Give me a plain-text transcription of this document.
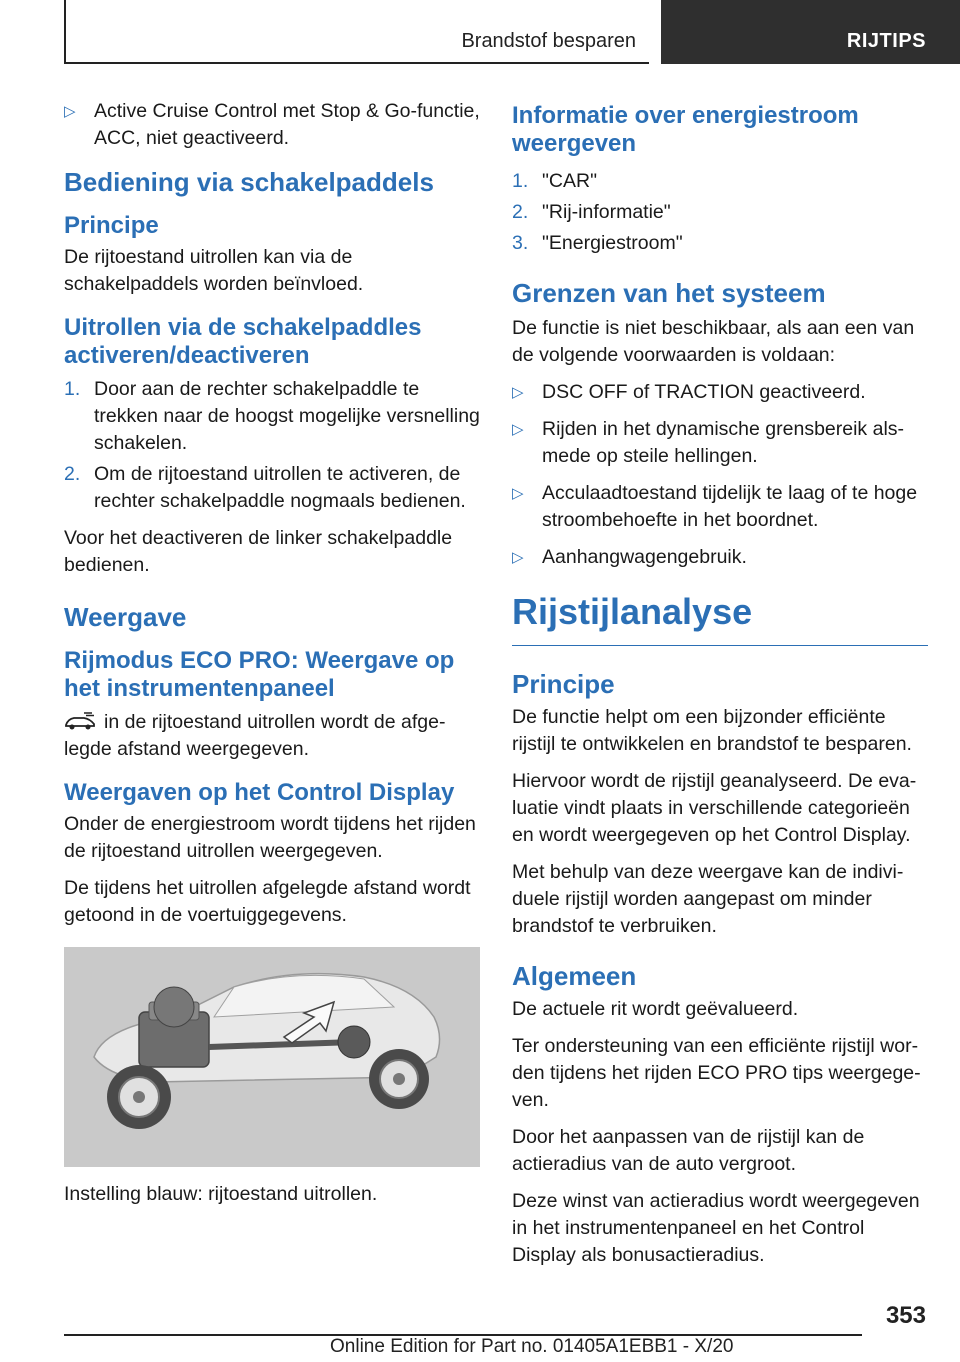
Brandstof besparen	RIJTIPS
▷ Active Cruise Control met Stop & Go-functie, ACC, niet geactiveerd.
Bediening via schakelpaddels
Principe

De rijtoestand uitrollen kan via de schakelpaddels worden beïnvloed.

Uitrollen via de schakelpaddles activeren/deactiveren
1. Door aan de rechter schakelpaddle te trekken naar de hoogst mogelijke versnelling schakelen.
2. Om de rijtoestand uitrollen te activeren, de rechter schakelpaddle nogmaals bedienen.

Voor het deactiveren de linker schakelpaddle bedienen.

Weergave
Rijmodus ECO PRO: Weergave op het instrumentenpaneel

in de rijtoestand uitrollen wordt de afgelegde afstand weergegeven.

Weergaven op het Control Display

Onder de energiestroom wordt tijdens het rijden de rijtoestand uitrollen weergegeven.

De tijdens het uitrollen afgelegde afstand wordt getoond in de voertuiggegevens.

Instelling blauw: rijtoestand uitrollen.

Informatie over energiestroom weergeven
1. "CAR"
2. "Rij-informatie"
3. "Energiestroom"
Grenzen van het systeem

De functie is niet beschikbaar, als aan een van de volgende voorwaarden is voldaan:

▷ DSC OFF of TRACTION geactiveerd.
▷ Rijden in het dynamische grensbereik alsmede op steile hellingen.
▷ Acculaadtoestand tijdelijk te laag of te hoge stroombehoefte in het boordnet.
▷ Aanhangwagengebruik.
Rijstijlanalyse
Principe

De functie helpt om een bijzonder efficiënte rijstijl te ontwikkelen en brandstof te besparen.

Hiervoor wordt de rijstijl geanalyseerd. De evaluatie vindt plaats in verschillende categorieën en wordt weergegeven op het Control Display.

Met behulp van deze weergave kan de individuele rijstijl worden aangepast om minder brandstof te verbruiken.

Algemeen

De actuele rit wordt geëvalueerd.

Ter ondersteuning van een efficiënte rijstijl worden tijdens het rijden ECO PRO tips weergegeven.

Door het aanpassen van de rijstijl kan de actieradius van de auto vergroot.

Deze winst van actieradius wordt weergegeven in het instrumentenpaneel en het Control Display als bonusactieradius.

353
Online Edition for Part no. 01405A1EBB1 - X/20
